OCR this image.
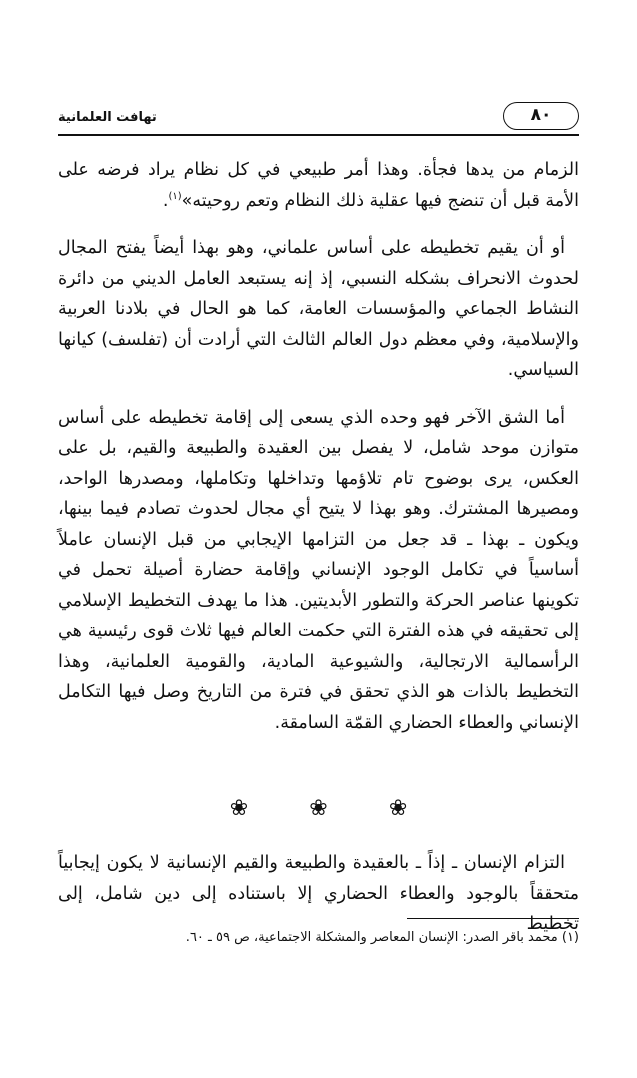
٨٠
تهافت العلمانية

الزمام من يدها فجأة. وهذا أمر طبيعي في كل نظام يراد فرضه على الأمة قبل أن تنضج فيها عقلية ذلك النظام وتعم روحيته»$^{(١)}$.

أو أن يقيم تخطيطه على أساس علماني، وهو بهذا أيضاً يفتح المجال لحدوث الانحراف بشكله النسبي، إذ إنه يستبعد العامل الديني من دائرة النشاط الجماعي والمؤسسات العامة، كما هو الحال في بلادنا العربية والإسلامية، وفي معظم دول العالم الثالث التي أرادت أن (تفلسف) كيانها السياسي.

أما الشق الآخر فهو وحده الذي يسعى إلى إقامة تخطيطه على أساس متوازن موحد شامل، لا يفصل بين العقيدة والطبيعة والقيم، بل على العكس، يرى بوضوح تام تلاؤمها وتداخلها وتكاملها، ومصدرها الواحد، ومصيرها المشترك. وهو بهذا لا يتيح أي مجال لحدوث تصادم فيما بينها، ويكون ـ بهذا ـ قد جعل من التزامها الإيجابي من قبل الإنسان عاملاً أساسياً في تكامل الوجود الإنساني وإقامة حضارة أصيلة تحمل في تكوينها عناصر الحركة والتطور الأبديتين. هذا ما يهدف التخطيط الإسلامي إلى تحقيقه في هذه الفترة التي حكمت العالم فيها ثلاث قوى رئيسية هي الرأسمالية الارتجالية، والشيوعية المادية، والقومية العلمانية، وهذا التخطيط بالذات هو الذي تحقق في فترة من التاريخ وصل فيها التكامل الإنساني والعطاء الحضاري القمّة السامقة.

❀ ❀ ❀

التزام الإنسان ـ إذاً ـ بالعقيدة والطبيعة والقيم الإنسانية لا يكون إيجابياً متحققاً بالوجود والعطاء الحضاري إلا باستناده إلى دين شامل، إلى تخطيط

(١) محمد باقر الصدر: الإنسان المعاصر والمشكلة الاجتماعية، ص ٥٩ ـ ٦٠.
